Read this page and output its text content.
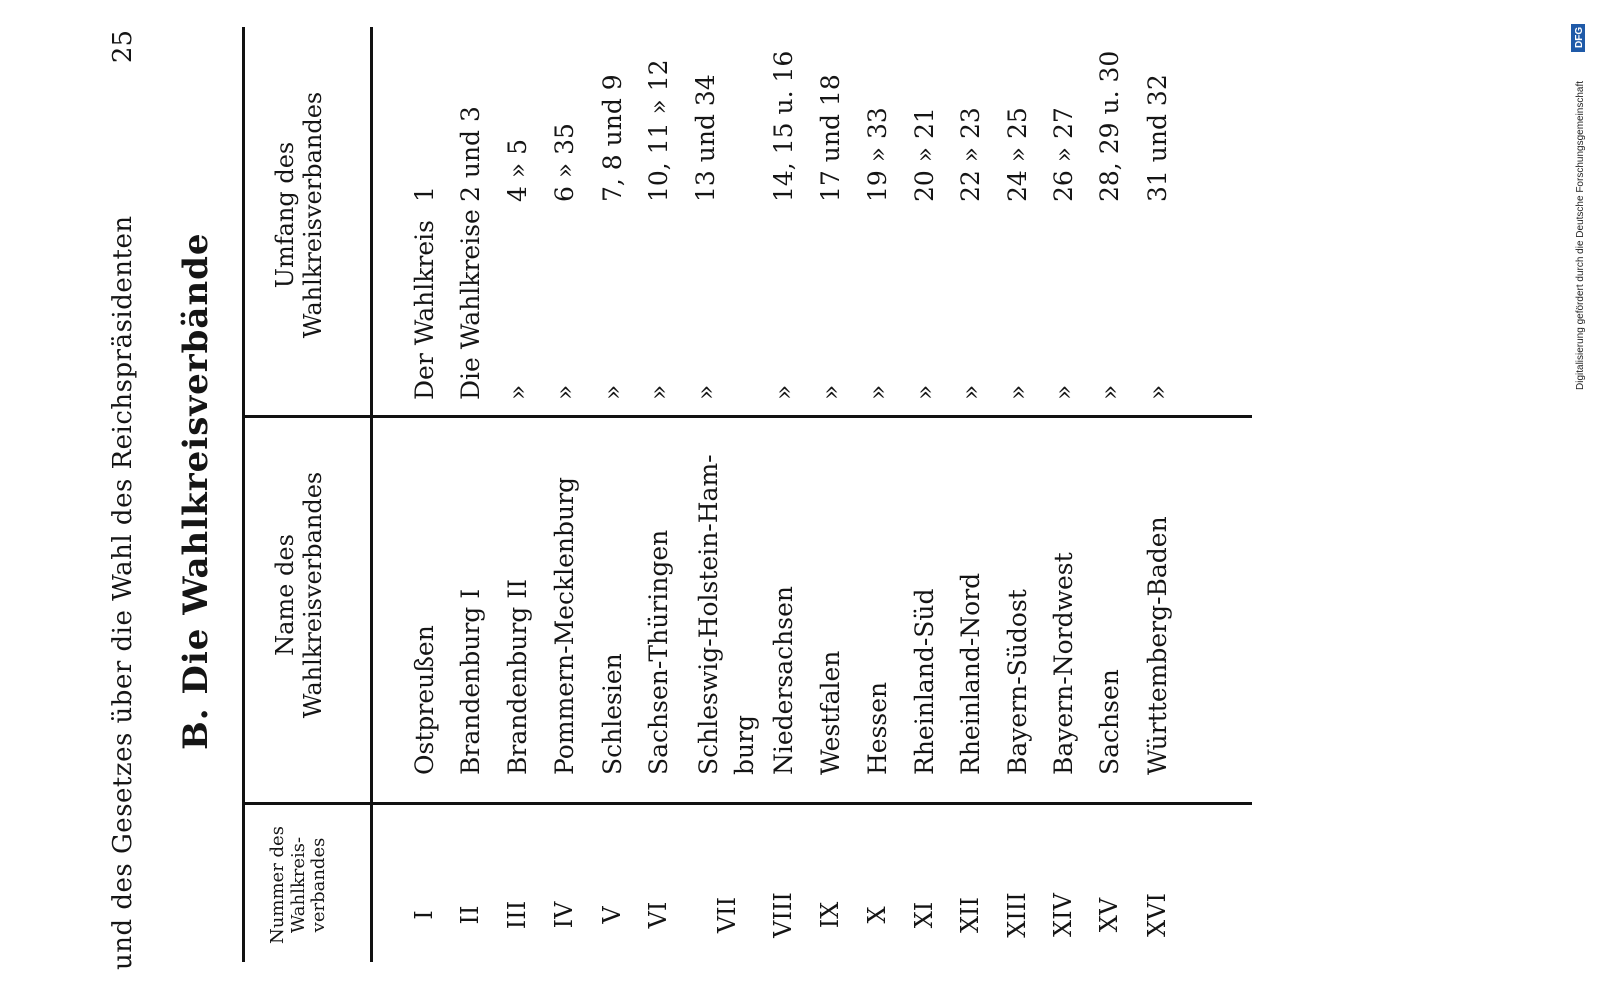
und des Gesetzes über die Wahl des Reichspräsidenten
25
B. Die Wahlkreisverbände
Nummer des Wahlkreis- verbandes
Name des Wahlkreisverbandes
Umfang des Wahlkreisverbandes
I
Ostpreußen
Der Wahlkreis
1
II
Brandenburg I
Die Wahlkreise
2 und 3
III
Brandenburg II
»
4 » 5
IV
Pommern-Mecklenburg
»
6 » 35
V
Schlesien
»
7, 8 und 9
VI
Sachsen-Thüringen
»
10, 11 » 12
VII
Schleswig-Holstein-Ham- burg
»
13 und 34
VIII
Niedersachsen
»
14, 15 u. 16
IX
Westfalen
»
17 und 18
X
Hessen
»
19 » 33
XI
Rheinland-Süd
»
20 » 21
XII
Rheinland-Nord
»
22 » 23
XIII
Bayern-Südost
»
24 » 25
XIV
Bayern-Nordwest
»
26 » 27
XV
Sachsen
»
28, 29 u. 30
XVI
Württemberg-Baden
»
31 und 32	Digitalisierung gefördert durch die Deutsche Forschungsgemeinschaft
DFG
